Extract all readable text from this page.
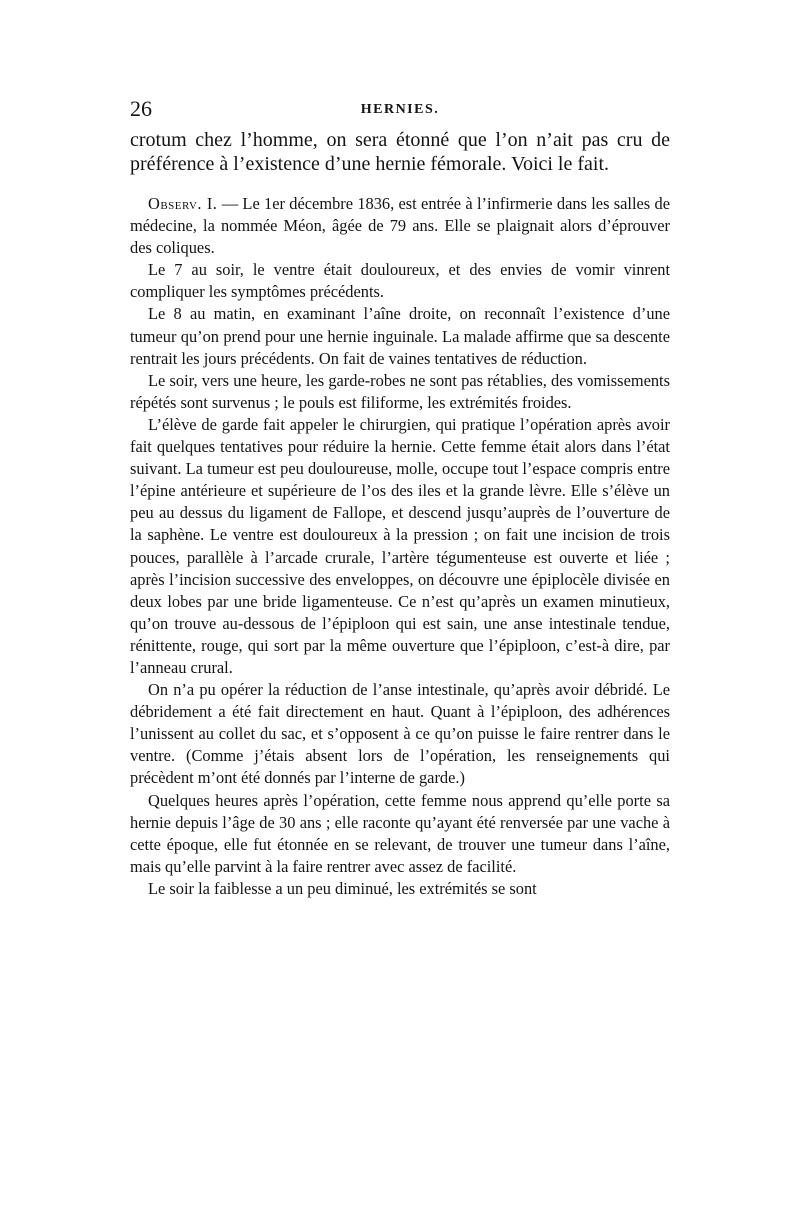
26	HERNIES.

crotum chez l’homme, on sera étonné que l’on n’ait pas cru de préférence à l’existence d’une hernie fémorale. Voici le fait.

Observ. I. — Le 1er décembre 1836, est entrée à l’infirmerie dans les salles de médecine, la nommée Méon, âgée de 79 ans. Elle se plaignait alors d’éprouver des coliques.

Le 7 au soir, le ventre était douloureux, et des envies de vomir vinrent compliquer les symptômes précédents.

Le 8 au matin, en examinant l’aîne droite, on reconnaît l’existence d’une tumeur qu’on prend pour une hernie inguinale. La malade affirme que sa descente rentrait les jours précédents. On fait de vaines tentatives de réduction.

Le soir, vers une heure, les garde-robes ne sont pas rétablies, des vomissements répétés sont survenus ; le pouls est filiforme, les extrémités froides.

L’élève de garde fait appeler le chirurgien, qui pratique l’opération après avoir fait quelques tentatives pour réduire la hernie. Cette femme était alors dans l’état suivant. La tumeur est peu douloureuse, molle, occupe tout l’espace compris entre l’épine antérieure et supérieure de l’os des iles et la grande lèvre. Elle s’élève un peu au dessus du ligament de Fallope, et descend jusqu’auprès de l’ouverture de la saphène. Le ventre est douloureux à la pression ; on fait une incision de trois pouces, parallèle à l’arcade crurale, l’artère tégumenteuse est ouverte et liée ; après l’incision successive des enveloppes, on découvre une épiplocèle divisée en deux lobes par une bride ligamenteuse. Ce n’est qu’après un examen minutieux, qu’on trouve au-dessous de l’épiploon qui est sain, une anse intestinale tendue, rénittente, rouge, qui sort par la même ouverture que l’épiploon, c’est-à dire, par l’anneau crural.

On n’a pu opérer la réduction de l’anse intestinale, qu’après avoir débridé. Le débridement a été fait directement en haut. Quant à l’épiploon, des adhérences l’unissent au collet du sac, et s’opposent à ce qu’on puisse le faire rentrer dans le ventre. (Comme j’étais absent lors de l’opération, les renseignements qui précèdent m’ont été donnés par l’interne de garde.)

Quelques heures après l’opération, cette femme nous apprend qu’elle porte sa hernie depuis l’âge de 30 ans ; elle raconte qu’ayant été renversée par une vache à cette époque, elle fut étonnée en se relevant, de trouver une tumeur dans l’aîne, mais qu’elle parvint à la faire rentrer avec assez de facilité.

Le soir la faiblesse a un peu diminué, les extrémités se sont
